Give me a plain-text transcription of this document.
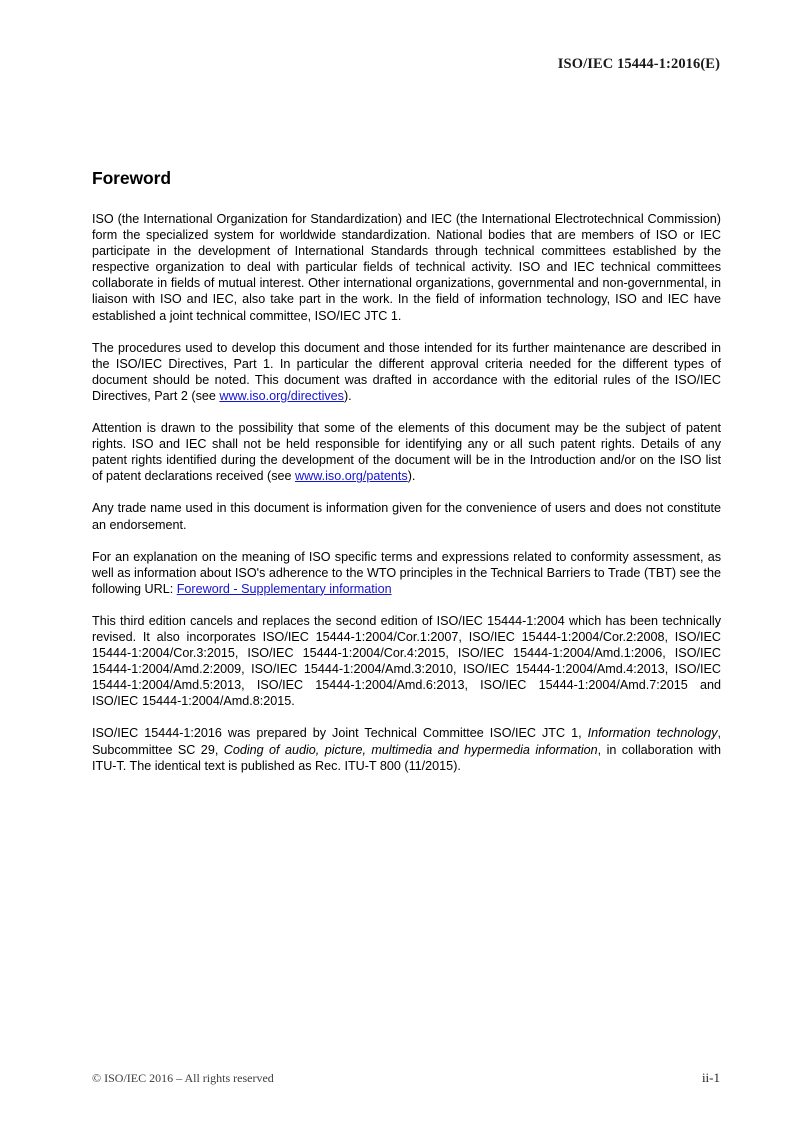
ISO/IEC 15444-1:2016(E)
Foreword

ISO (the International Organization for Standardization) and IEC (the International Electrotechnical Commission) form the specialized system for worldwide standardization. National bodies that are members of ISO or IEC participate in the development of International Standards through technical committees established by the respective organization to deal with particular fields of technical activity. ISO and IEC technical committees collaborate in fields of mutual interest. Other international organizations, governmental and non-governmental, in liaison with ISO and IEC, also take part in the work. In the field of information technology, ISO and IEC have established a joint technical committee, ISO/IEC JTC 1.

The procedures used to develop this document and those intended for its further maintenance are described in the ISO/IEC Directives, Part 1. In particular the different approval criteria needed for the different types of document should be noted. This document was drafted in accordance with the editorial rules of the ISO/IEC Directives, Part 2 (see www.iso.org/directives).

Attention is drawn to the possibility that some of the elements of this document may be the subject of patent rights. ISO and IEC shall not be held responsible for identifying any or all such patent rights. Details of any patent rights identified during the development of the document will be in the Introduction and/or on the ISO list of patent declarations received (see www.iso.org/patents).

Any trade name used in this document is information given for the convenience of users and does not constitute an endorsement.

For an explanation on the meaning of ISO specific terms and expressions related to conformity assessment, as well as information about ISO's adherence to the WTO principles in the Technical Barriers to Trade (TBT) see the following URL: Foreword - Supplementary information

This third edition cancels and replaces the second edition of ISO/IEC 15444-1:2004 which has been technically revised. It also incorporates ISO/IEC 15444-1:2004/Cor.1:2007, ISO/IEC 15444-1:2004/Cor.2:2008, ISO/IEC 15444-1:2004/Cor.3:2015, ISO/IEC 15444-1:2004/Cor.4:2015, ISO/IEC 15444-1:2004/Amd.1:2006, ISO/IEC 15444-1:2004/Amd.2:2009, ISO/IEC 15444-1:2004/Amd.3:2010, ISO/IEC 15444-1:2004/Amd.4:2013, ISO/IEC 15444-1:2004/Amd.5:2013, ISO/IEC 15444-1:2004/Amd.6:2013, ISO/IEC 15444-1:2004/Amd.7:2015 and ISO/IEC 15444-1:2004/Amd.8:2015.

ISO/IEC 15444-1:2016 was prepared by Joint Technical Committee ISO/IEC JTC 1, Information technology, Subcommittee SC 29, Coding of audio, picture, multimedia and hypermedia information, in collaboration with ITU-T. The identical text is published as Rec. ITU-T 800 (11/2015).

© ISO/IEC 2016 – All rights reserved	ii-1
